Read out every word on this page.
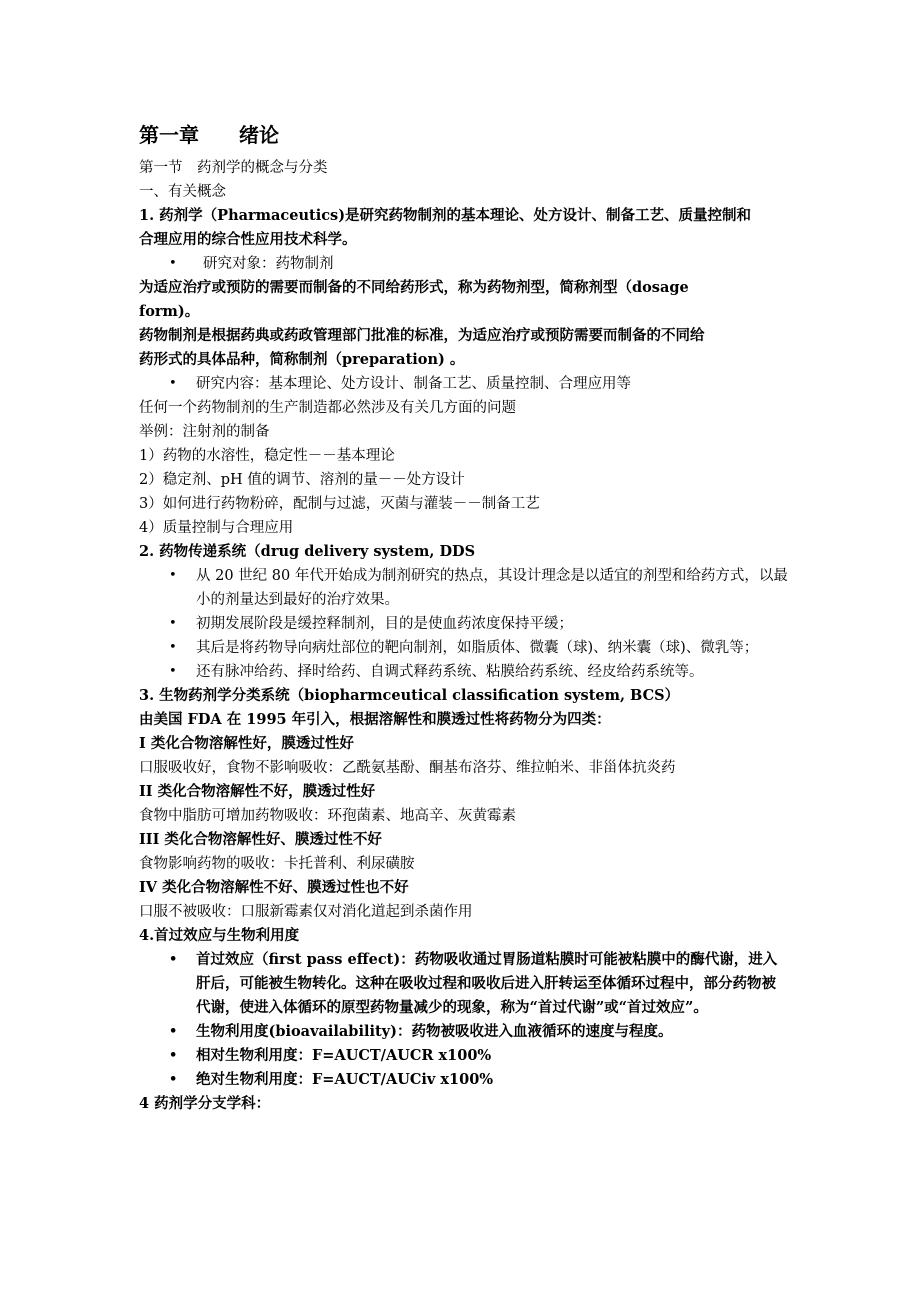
第一章　　绪论
第一节　药剂学的概念与分类
一、有关概念
1. 药剂学（Pharmaceutics)是研究药物制剂的基本理论、处方设计、制备工艺、质量控制和
合理应用的综合性应用技术科学。
• 研究对象：药物制剂
为适应治疗或预防的需要而制备的不同给药形式，称为药物剂型，简称剂型（dosage
form)。
药物制剂是根据药典或药政管理部门批准的标准，为适应治疗或预防需要而制备的不同给
药形式的具体品种，简称制剂（preparation) 。
• 研究内容：基本理论、处方设计、制备工艺、质量控制、合理应用等
任何一个药物制剂的生产制造都必然涉及有关几方面的问题
举例：注射剂的制备
1）药物的水溶性，稳定性－－基本理论
2）稳定剂、pH 值的调节、溶剂的量－－处方设计
3）如何进行药物粉碎，配制与过滤，灭菌与灌装－－制备工艺
4）质量控制与合理应用
2. 药物传递系统（drug delivery system, DDS
• 从 20 世纪 80 年代开始成为制剂研究的热点，其设计理念是以适宜的剂型和给药方式，以最小的剂量达到最好的治疗效果。
• 初期发展阶段是缓控释制剂，目的是使血药浓度保持平缓；
• 其后是将药物导向病灶部位的靶向制剂，如脂质体、微囊（球)、纳米囊（球)、微乳等；
• 还有脉冲给药、择时给药、自调式释药系统、粘膜给药系统、经皮给药系统等。
3. 生物药剂学分类系统（biopharmceutical classification system, BCS）
由美国 FDA 在 1995 年引入，根据溶解性和膜透过性将药物分为四类：
I 类化合物溶解性好，膜透过性好
口服吸收好，食物不影响吸收：乙酰氨基酚、酮基布洛芬、维拉帕米、非甾体抗炎药
II 类化合物溶解性不好，膜透过性好
食物中脂肪可增加药物吸收：环孢菌素、地高辛、灰黄霉素
III 类化合物溶解性好、膜透过性不好
食物影响药物的吸收：卡托普利、利尿磺胺
IV 类化合物溶解性不好、膜透过性也不好
口服不被吸收：口服新霉素仅对消化道起到杀菌作用
4.首过效应与生物利用度
• 首过效应（first pass effect)：药物吸收通过胃肠道粘膜时可能被粘膜中的酶代谢，进入肝后，可能被生物转化。这种在吸收过程和吸收后进入肝转运至体循环过程中，部分药物被代谢，使进入体循环的原型药物量减少的现象，称为“首过代谢”或“首过效应”。
• 生物利用度(bioavailability)：药物被吸收进入血液循环的速度与程度。
• 相对生物利用度：F=AUCT/AUCR x100%
• 绝对生物利用度：F=AUCT/AUCiv x100%
4 药剂学分支学科：
